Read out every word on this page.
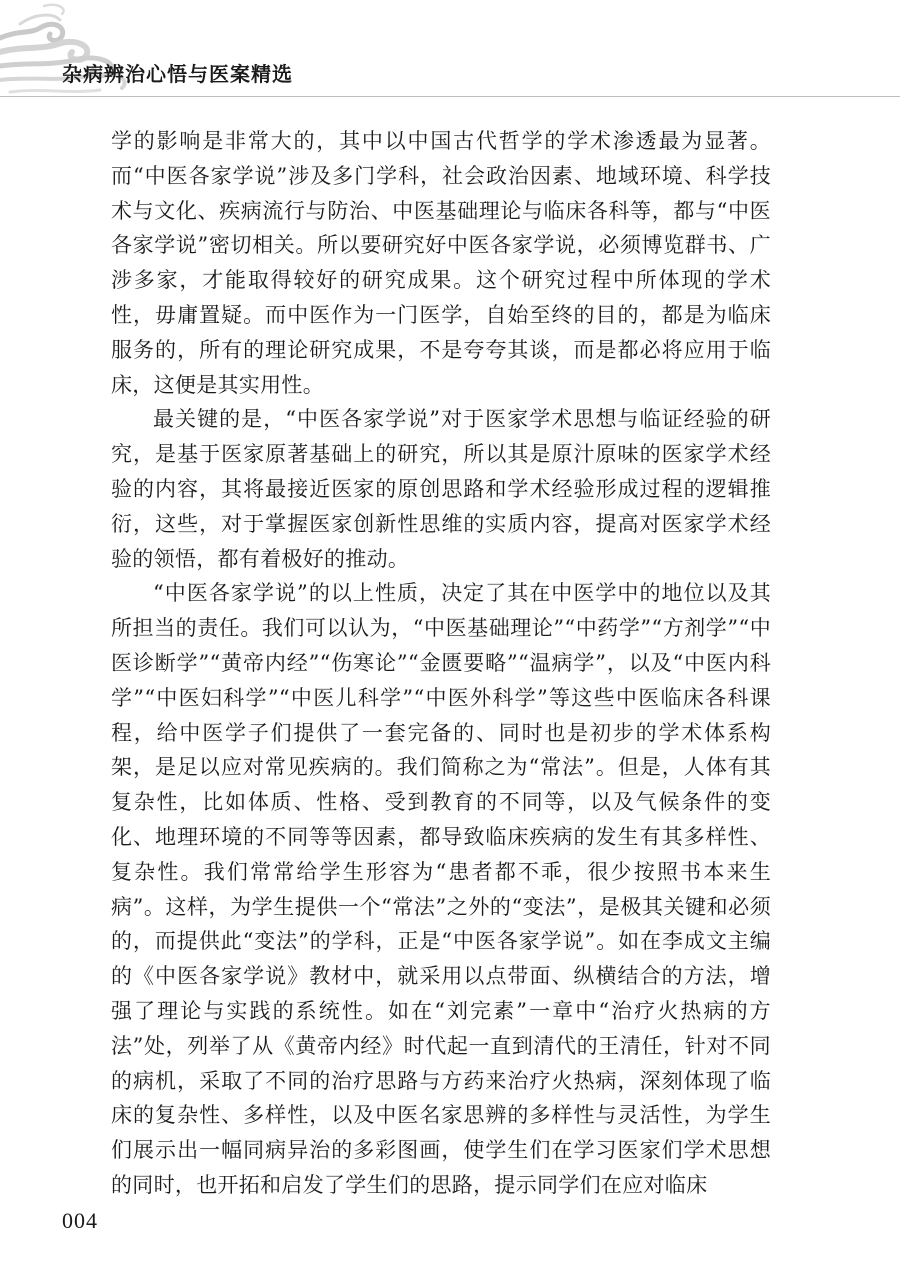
杂病辨治心悟与医案精选

学的影响是非常大的，其中以中国古代哲学的学术渗透最为显著。而“中医各家学说”涉及多门学科，社会政治因素、地域环境、科学技术与文化、疾病流行与防治、中医基础理论与临床各科等，都与“中医各家学说”密切相关。所以要研究好中医各家学说，必须博览群书、广涉多家，才能取得较好的研究成果。这个研究过程中所体现的学术性，毋庸置疑。而中医作为一门医学，自始至终的目的，都是为临床服务的，所有的理论研究成果，不是夸夸其谈，而是都必将应用于临床，这便是其实用性。

最关键的是，“中医各家学说”对于医家学术思想与临证经验的研究，是基于医家原著基础上的研究，所以其是原汁原味的医家学术经验的内容，其将最接近医家的原创思路和学术经验形成过程的逻辑推衍，这些，对于掌握医家创新性思维的实质内容，提高对医家学术经验的领悟，都有着极好的推动。

“中医各家学说”的以上性质，决定了其在中医学中的地位以及其所担当的责任。我们可以认为，“中医基础理论”“中药学”“方剂学”“中医诊断学”“黄帝内经”“伤寒论”“金匮要略”“温病学”，以及“中医内科学”“中医妇科学”“中医儿科学”“中医外科学”等这些中医临床各科课程，给中医学子们提供了一套完备的、同时也是初步的学术体系构架，是足以应对常见疾病的。我们简称之为“常法”。但是，人体有其复杂性，比如体质、性格、受到教育的不同等，以及气候条件的变化、地理环境的不同等等因素，都导致临床疾病的发生有其多样性、复杂性。我们常常给学生形容为“患者都不乖，很少按照书本来生病”。这样，为学生提供一个“常法”之外的“变法”，是极其关键和必须的，而提供此“变法”的学科，正是“中医各家学说”。如在李成文主编的《中医各家学说》教材中，就采用以点带面、纵横结合的方法，增强了理论与实践的系统性。如在“刘完素”一章中“治疗火热病的方法”处，列举了从《黄帝内经》时代起一直到清代的王清任，针对不同的病机，采取了不同的治疗思路与方药来治疗火热病，深刻体现了临床的复杂性、多样性，以及中医名家思辨的多样性与灵活性，为学生们展示出一幅同病异治的多彩图画，使学生们在学习医家们学术思想的同时，也开拓和启发了学生们的思路，提示同学们在应对临床

004
